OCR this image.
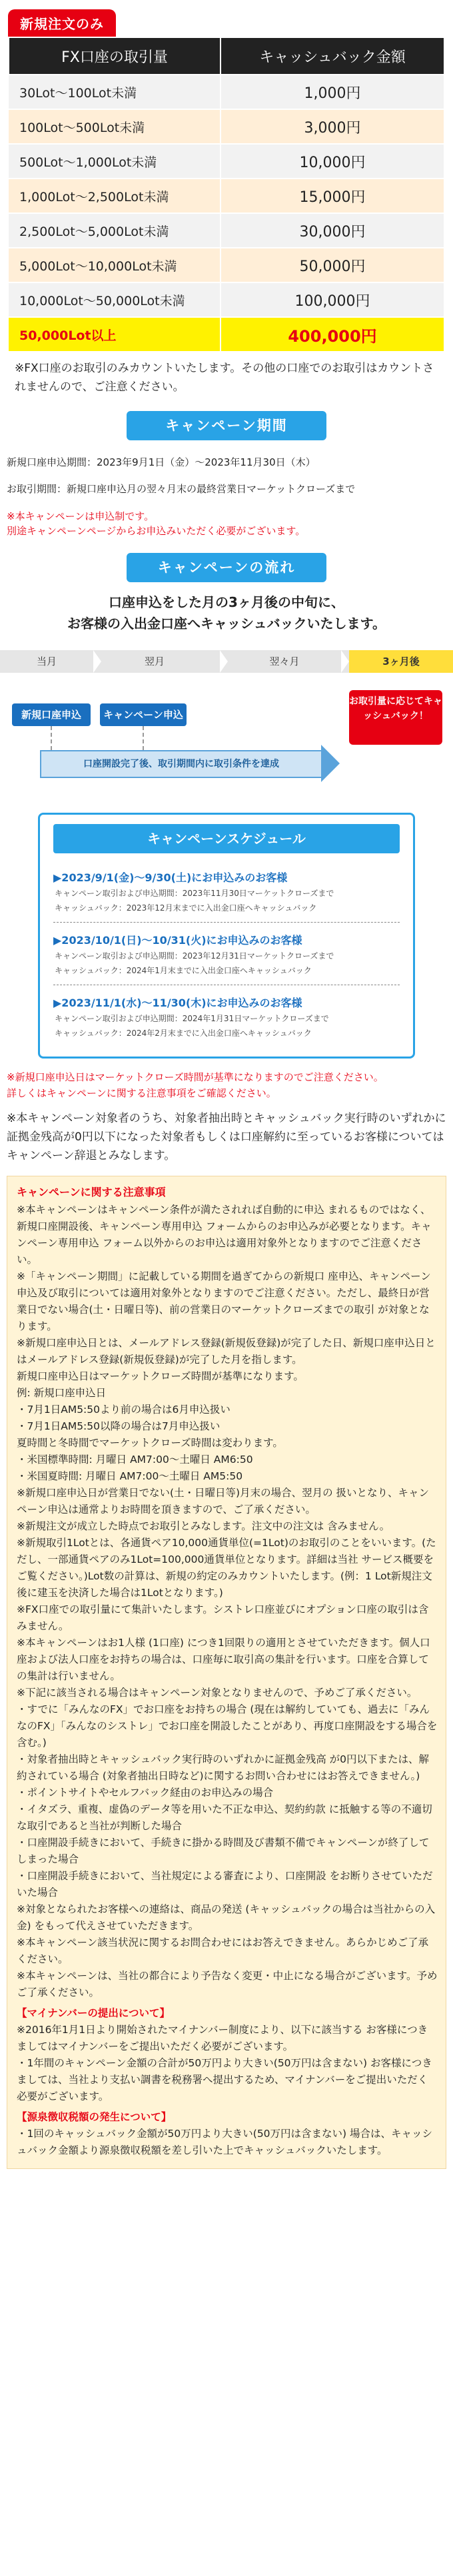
新規注文のみ
FX口座の取引量	キャッシュバック金額
30Lot〜100Lot未満	1,000円
100Lot〜500Lot未満	3,000円
500Lot〜1,000Lot未満	10,000円
1,000Lot〜2,500Lot未満	15,000円
2,500Lot〜5,000Lot未満	30,000円
5,000Lot〜10,000Lot未満	50,000円
10,000Lot〜50,000Lot未満	100,000円
50,000Lot以上	400,000円
※FX口座のお取引のみカウントいたします。その他の口座でのお取引はカウントされませんので、ご注意ください。
キャンペーン期間
新規口座申込期間：2023年9月1日（金）〜2023年11月30日（木）
お取引期間：新規口座申込月の翌々月末の最終営業日マーケットクローズまで
※本キャンペーンは申込制です。
別途キャンペーンページからお申込みいただく必要がございます。
キャンペーンの流れ
口座申込をした月の3ヶ月後の中旬に、
お客様の入出金口座へキャッシュバックいたします。
当月	翌月	翌々月	3ヶ月後
新規口座申込	キャンペーン申込
口座開設完了後、取引期間内に取引条件を達成
お取引量に応じてキャッシュバック！
キャンペーンスケジュール
▶2023/9/1(金)〜9/30(土)にお申込みのお客様
キャンペーン取引および申込期間：2023年11月30日マーケットクローズまで
キャッシュバック：2023年12月末までに入出金口座へキャッシュバック
▶2023/10/1(日)〜10/31(火)にお申込みのお客様
キャンペーン取引および申込期間：2023年12月31日マーケットクローズまで
キャッシュバック：2024年1月末までに入出金口座へキャッシュバック
▶2023/11/1(水)〜11/30(木)にお申込みのお客様
キャンペーン取引および申込期間：2024年1月31日マーケットクローズまで
キャッシュバック：2024年2月末までに入出金口座へキャッシュバック
※新規口座申込日はマーケットクローズ時間が基準になりますのでご注意ください。
詳しくはキャンペーンに関する注意事項をご確認ください。
※本キャンペーン対象者のうち、対象者抽出時とキャッシュバック実行時のいずれかに証拠金残高が0円以下になった対象者もしくは口座解約に至っているお客様についてはキャンペーン辞退とみなします。
キャンペーンに関する注意事項

※本キャンペーンはキャンペーン条件が満たされれば自動的に申込 まれるものではなく、新規口座開設後、キャンペーン専用申込 フォームからのお申込みが必要となります。キャンペーン専用申込 フォーム以外からのお申込は適用対象外となりますのでご注意ください。

※「キャンペーン期間」に記載している期間を過ぎてからの新規口 座申込、キャンペーン申込及び取引については適用対象外となりますのでご注意ください。ただし、最終日が営業日でない場合(土・日曜日等)、前の営業日のマーケットクローズまでの取引 が対象となります。

※新規口座申込日とは、メールアドレス登録(新規仮登録)が完了した日、新規口座申込日とはメールアドレス登録(新規仮登録)が完了した月を指します。

新規口座申込日はマーケットクローズ時間が基準になります。

例: 新規口座申込日

・7月1日AM5:50より前の場合は6月申込扱い

・7月1日AM5:50以降の場合は7月申込扱い

夏時間と冬時間でマーケットクローズ時間は変わります。

・米国標準時間: 月曜日 AM7:00〜土曜日 AM6:50

・米国夏時間: 月曜日 AM7:00〜土曜日 AM5:50

※新規口座申込日が営業日でない(土・日曜日等)月末の場合、翌月の 扱いとなり、キャンペーン申込は通常よりお時間を頂きますので、ご了承ください。

※新規注文が成立した時点でお取引とみなします。注文中の注文は 含みません。

※新規取引1Lotとは、各通貨ペア10,000通貨単位(=1Lot)のお取引のことをいいます。(ただし、一部通貨ペアのみ1Lot=100,000通貨単位となります。詳細は当社 サービス概要をご覧ください。)Lot数の計算は、新規の約定のみカウントいたします。(例：1 Lot新規注文後に建玉を決済した場合は1Lotとなります。)

※FX口座での取引量にて集計いたします。シストレ口座並びにオプション口座の取引は含みません。

※本キャンペーンはお1人様 (1口座) につき1回限りの適用とさせていただきます。個人口座および法人口座をお持ちの場合は、口座毎に取引高の集計を行います。口座を合算しての集計は行いません。

※下記に該当される場合はキャンペーン対象となりませんので、予めご了承ください。

・すでに「みんなのFX」でお口座をお持ちの場合 (現在は解約していても、過去に「みんなのFX」「みんなのシストレ」でお口座を開設したことがあり、再度口座開設をする場合を含む。)

・対象者抽出時とキャッシュバック実行時のいずれかに証拠金残高 が0円以下または、解約されている場合 (対象者抽出日時など)に関するお問い合わせにはお答えできません。)

・ポイントサイトやセルフバック経由のお申込みの場合

・イタズラ、重複、虚偽のデータ等を用いた不正な申込、契約約款 に抵触する等の不適切な取引であると当社が判断した場合

・口座開設手続きにおいて、手続きに掛かる時間及び書類不備でキャンペーンが終了してしまった場合

・口座開設手続きにおいて、当社規定による審査により、口座開設 をお断りさせていただいた場合

※対象となられたお客様への連絡は、商品の発送 (キャッシュバックの場合は当社からの入金) をもって代えさせていただきます。

※本キャンペーン該当状況に関するお問合わせにはお答えできません。あらかじめご了承ください。

※本キャンペーンは、当社の都合により予告なく変更・中止になる場合がございます。予めご了承ください。

【マイナンバーの提出について】

※2016年1月1日より開始されたマイナンバー制度により、以下に該当する お客様につきましてはマイナンバーをご提出いただく必要がございます。

・1年間のキャンペーン金額の合計が50万円より大きい(50万円は含まない) お客様につきましては、当社より支払い調書を税務署へ提出するため、マイナンバーをご提出いただく必要がございます。

【源泉徴収税額の発生について】

・1回のキャッシュバック金額が50万円より大きい(50万円は含まない) 場合は、キャッシュバック金額より源泉徴収税額を差し引いた上でキャッシュバックいたします。
